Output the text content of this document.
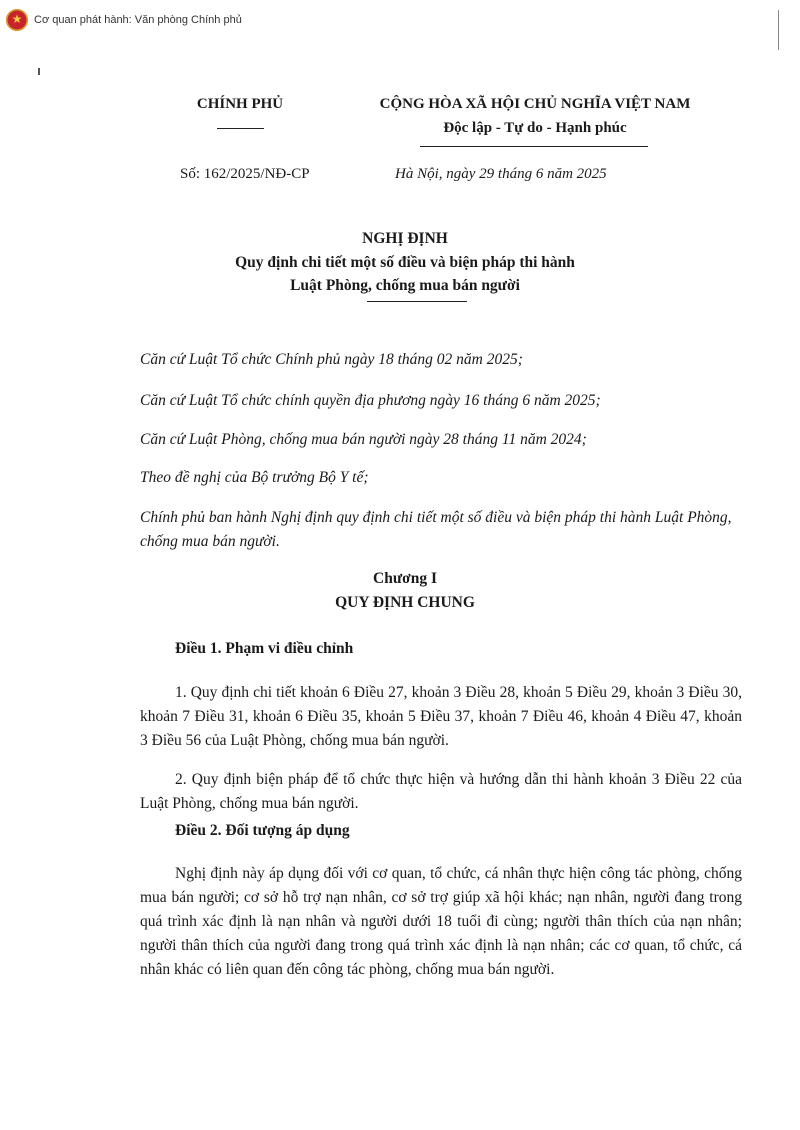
★
Cơ quan phát hành: Văn phòng Chính phủ
CHÍNH PHỦ	CỘNG HÒA XÃ HỘI CHỦ NGHĨA VIỆT NAM
Độc lập - Tự do - Hạnh phúc
Số: 162/2025/NĐ-CP	Hà Nội, ngày 29 tháng 6 năm 2025
NGHỊ ĐỊNH
Quy định chi tiết một số điều và biện pháp thi hành
Luật Phòng, chống mua bán người
Căn cứ Luật Tổ chức Chính phủ ngày 18 tháng 02 năm 2025;
Căn cứ Luật Tổ chức chính quyền địa phương ngày 16 tháng 6 năm 2025;
Căn cứ Luật Phòng, chống mua bán người ngày 28 tháng 11 năm 2024;
Theo đề nghị của Bộ trưởng Bộ Y tế;
Chính phủ ban hành Nghị định quy định chi tiết một số điều và biện pháp thi hành Luật Phòng, chống mua bán người.
Chương I
QUY ĐỊNH CHUNG
Điều 1. Phạm vi điều chỉnh
1. Quy định chi tiết khoản 6 Điều 27, khoản 3 Điều 28, khoản 5 Điều 29, khoản 3 Điều 30, khoản 7 Điều 31, khoản 6 Điều 35, khoản 5 Điều 37, khoản 7 Điều 46, khoản 4 Điều 47, khoản 3 Điều 56 của Luật Phòng, chống mua bán người.
2. Quy định biện pháp để tổ chức thực hiện và hướng dẫn thi hành khoản 3 Điều 22 của Luật Phòng, chống mua bán người.
Điều 2. Đối tượng áp dụng
Nghị định này áp dụng đối với cơ quan, tổ chức, cá nhân thực hiện công tác phòng, chống mua bán người; cơ sở hỗ trợ nạn nhân, cơ sở trợ giúp xã hội khác; nạn nhân, người đang trong quá trình xác định là nạn nhân và người dưới 18 tuổi đi cùng; người thân thích của nạn nhân; người thân thích của người đang trong quá trình xác định là nạn nhân; các cơ quan, tổ chức, cá nhân khác có liên quan đến công tác phòng, chống mua bán người.
